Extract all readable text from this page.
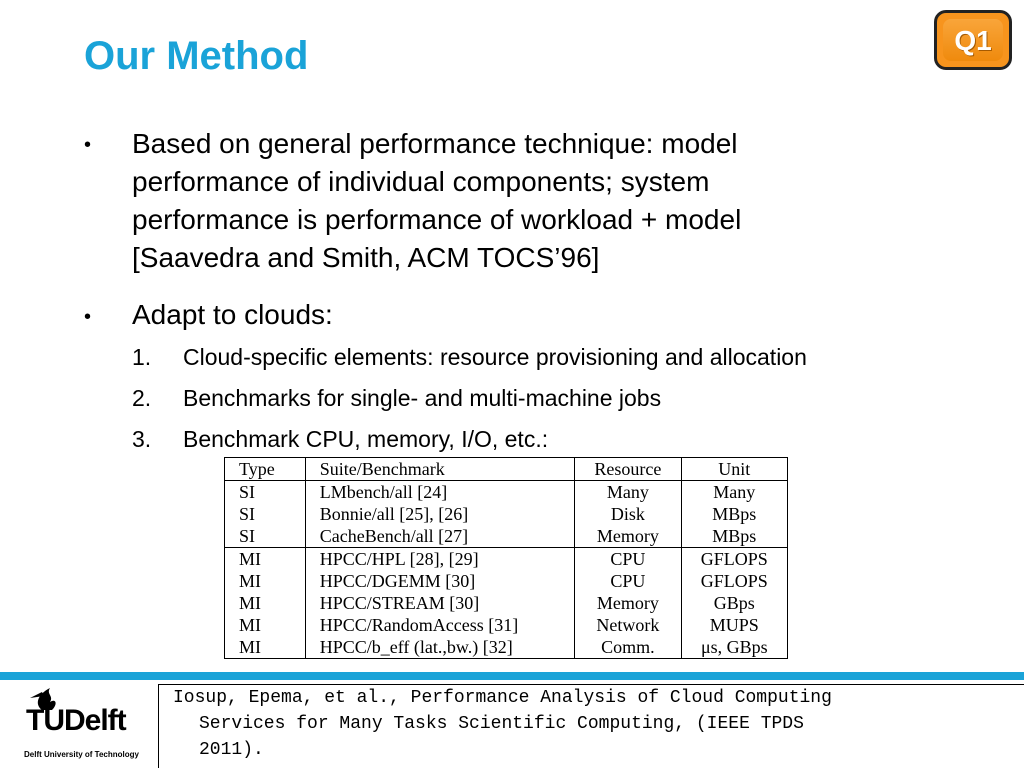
Our Method	Q1
• Based on general performance technique: model
performance of individual components; system
performance is performance of workload + model
[Saavedra and Smith, ACM TOCS’96]
• Adapt to clouds:
1. Cloud-specific elements: resource provisioning and allocation
2. Benchmarks for single- and multi-machine jobs
3. Benchmark CPU, memory, I/O, etc.:
Type	Suite/Benchmark	Resource	Unit
SI	LMbench/all [24]	Many	Many
SI	Bonnie/all [25], [26]	Disk	MBps
SI	CacheBench/all [27]	Memory	MBps
MI	HPCC/HPL [28], [29]	CPU	GFLOPS
MI	HPCC/DGEMM [30]	CPU	GFLOPS
MI	HPCC/STREAM [30]	Memory	GBps
MI	HPCC/RandomAccess [31]	Network	MUPS
MI	HPCC/b_eff (lat.,bw.) [32]	Comm.	μs, GBps
TUDelft
Delft University of Technology
Iosup, Epema, et al., Performance Analysis of Cloud Computing
Services for Many Tasks Scientific Computing, (IEEE TPDS
2011).
